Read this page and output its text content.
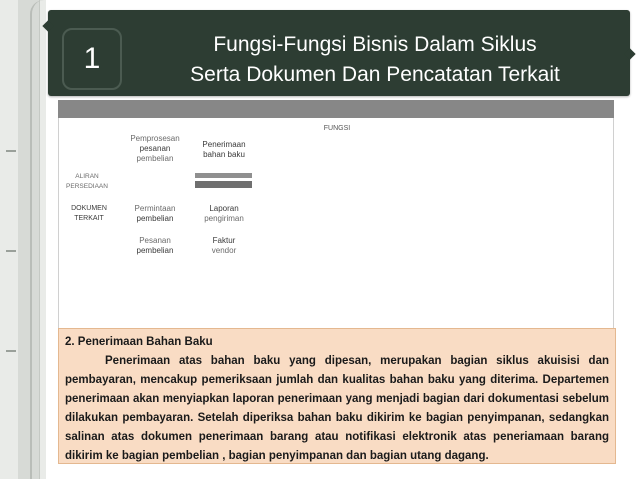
1	Fungsi-Fungsi Bisnis Dalam Siklus
Serta Dokumen Dan Pencatatan Terkait
FUNGSI
Pemprosesan
pesanan
pembelian
Penerimaan
bahan baku
ALIRAN
PERSEDIAAN
DOKUMEN
TERKAIT
Permintaan
pembelian
Laporan
pengiriman
Pesanan
pembelian
Faktur
vendor
2. Penerimaan Bahan Baku
Penerimaan atas bahan baku yang dipesan, merupakan bagian siklus akuisisi dan pembayaran, mencakup pemeriksaan jumlah dan kualitas bahan baku yang diterima. Departemen penerimaan akan menyiapkan laporan penerimaan yang menjadi bagian dari dokumentasi sebelum dilakukan pembayaran. Setelah diperiksa bahan baku dikirim ke bagian penyimpanan, sedangkan salinan atas dokumen penerimaan barang atau notifikasi elektronik atas peneriamaan barang dikirim ke bagian pembelian , bagian penyimpanan dan bagian utang dagang.
